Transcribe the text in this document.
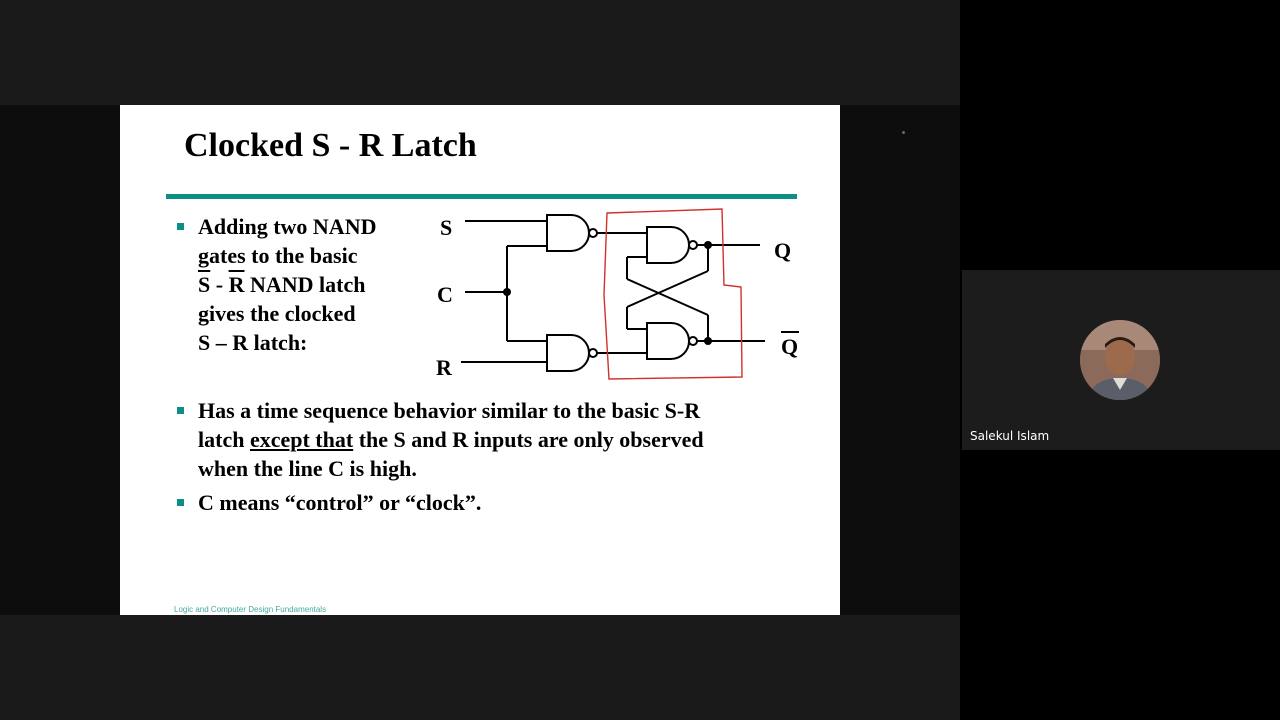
Clocked S - R Latch
Adding two NAND
gates to the basic
$\overline{S} - \overline{R}$ NAND latch
gives the clocked
S – R latch:
Has a time sequence behavior similar to the basic S-R
latch except that the S and R inputs are only observed
when the line C is high.
C means “control” or “clock”.
Logic and Computer Design Fundamentals
S
C
R
Q
Q
Salekul Islam
